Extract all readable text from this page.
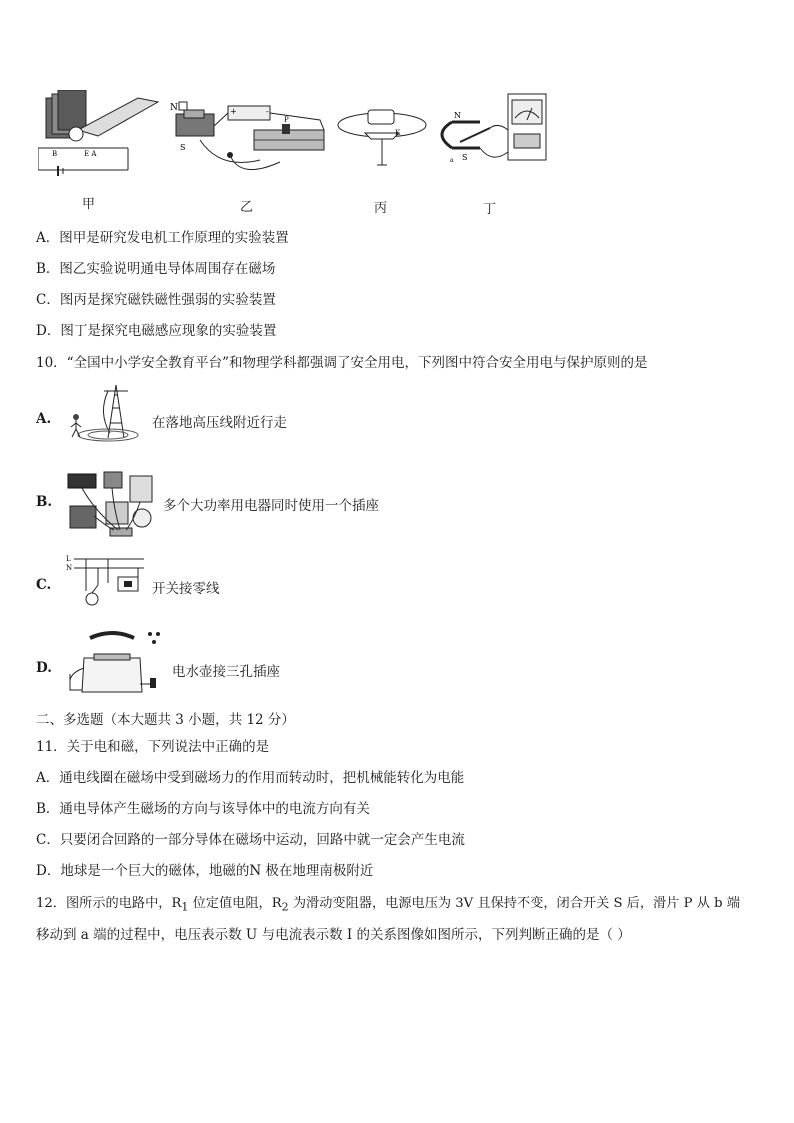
B	E A
甲
N
S
+	-
P
乙
K
丙
N
S
a
丁
A．图甲是研究发电机工作原理的实验装置
B．图乙实验说明通电导体周围存在磁场
C．图丙是探究磁铁磁性强弱的实验装置
D．图丁是探究电磁感应现象的实验装置
10．“全国中小学安全教育平台”和物理学科都强调了安全用电，下列图中符合安全用电与保护原则的是
A.	在落地高压线附近行走
B.	多个大功率用电器同时使用一个插座
C.
L
N
开关接零线
D.	电水壶接三孔插座
二、多选题（本大题共 3 小题，共 12 分）
11．关于电和磁，下列说法中正确的是
A．通电线圈在磁场中受到磁场力的作用而转动时，把机械能转化为电能
B．通电导体产生磁场的方向与该导体中的电流方向有关
C．只要闭合回路的一部分导体在磁场中运动，回路中就一定会产生电流
D．地球是一个巨大的磁体，地磁的N 极在地理南极附近
12．图所示的电路中，$R_1$ 位定值电阻，$R_2$ 为滑动变阻器，电源电压为 3V 且保持不变，闭合开关 S 后，滑片 P 从 b 端
移动到 a 端的过程中，电压表示数 U 与电流表示数 I 的关系图像如图所示，下列判断正确的是（ ）
